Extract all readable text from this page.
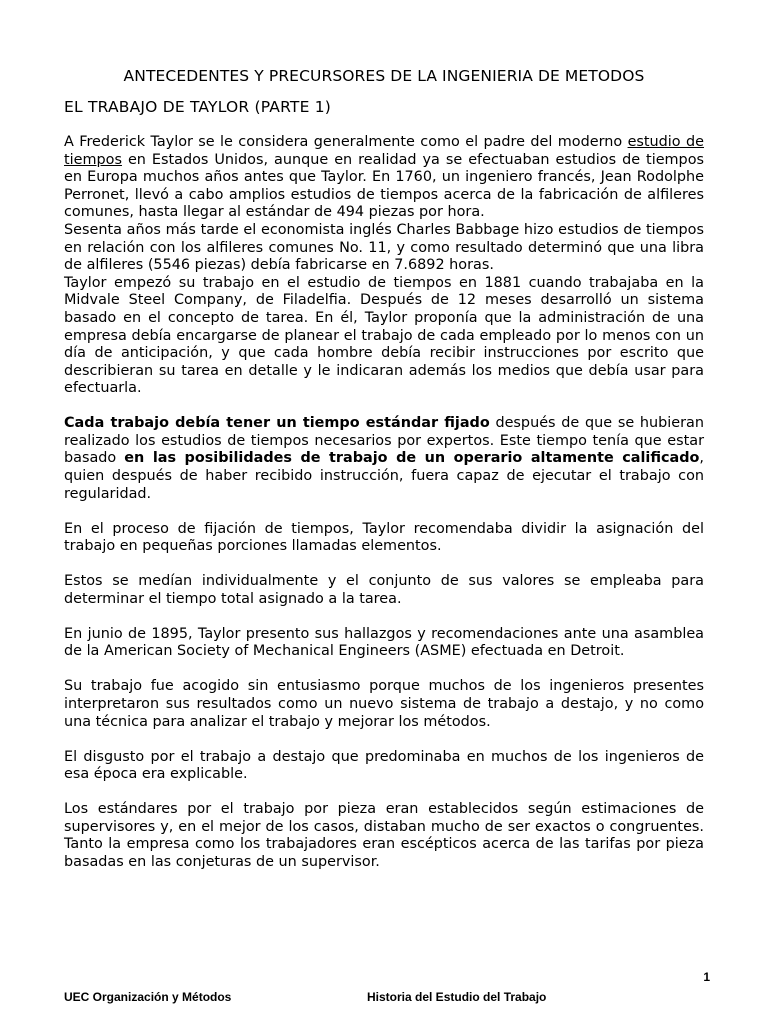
ANTECEDENTES Y PRECURSORES DE LA INGENIERIA DE METODOS
EL TRABAJO DE TAYLOR (PARTE 1)

A Frederick Taylor se le considera generalmente como el padre del moderno estudio de tiempos en Estados Unidos, aunque en realidad ya se efectuaban estudios de tiempos en Europa muchos años antes que Taylor. En 1760, un ingeniero francés, Jean Rodolphe Perronet, llevó a cabo amplios estudios de tiempos acerca de la fabricación de alfileres comunes, hasta llegar al estándar de 494 piezas por hora.

Sesenta años más tarde el economista inglés Charles Babbage hizo estudios de tiempos en relación con los alfileres comunes No. 11, y como resultado determinó que una libra de alfileres (5546 piezas) debía fabricarse en 7.6892 horas.

Taylor empezó su trabajo en el estudio de tiempos en 1881 cuando trabajaba en la Midvale Steel Company, de Filadelfia. Después de 12 meses desarrolló un sistema basado en el concepto de tarea. En él, Taylor proponía que la administración de una empresa debía encargarse de planear el trabajo de cada empleado por lo menos con un día de anticipación, y que cada hombre debía recibir instrucciones por escrito que describieran su tarea en detalle y le indicaran además los medios que debía usar para efectuarla.

Cada trabajo debía tener un tiempo estándar fijado después de que se hubieran realizado los estudios de tiempos necesarios por expertos. Este tiempo tenía que estar basado en las posibilidades de trabajo de un operario altamente calificado, quien después de haber recibido instrucción, fuera capaz de ejecutar el trabajo con regularidad.

En el proceso de fijación de tiempos, Taylor recomendaba dividir la asignación del trabajo en pequeñas porciones llamadas elementos.

Estos se medían individualmente y el conjunto de sus valores se empleaba para determinar el tiempo total asignado a la tarea.

En junio de 1895, Taylor presento sus hallazgos y recomendaciones ante una asamblea de la American Society of Mechanical Engineers (ASME) efectuada en Detroit.

Su trabajo fue acogido sin entusiasmo porque muchos de los ingenieros presentes interpretaron sus resultados como un nuevo sistema de trabajo a destajo, y no como una técnica para analizar el trabajo y mejorar los métodos.

El disgusto por el trabajo a destajo que predominaba en muchos de los ingenieros de esa época era explicable.

Los estándares por el trabajo por pieza eran establecidos según estimaciones de supervisores y, en el mejor de los casos, distaban mucho de ser exactos o congruentes. Tanto la empresa como los trabajadores eran escépticos acerca de las tarifas por pieza basadas en las conjeturas de un supervisor.

1
UEC Organización y Métodos	Historia del Estudio del Trabajo
